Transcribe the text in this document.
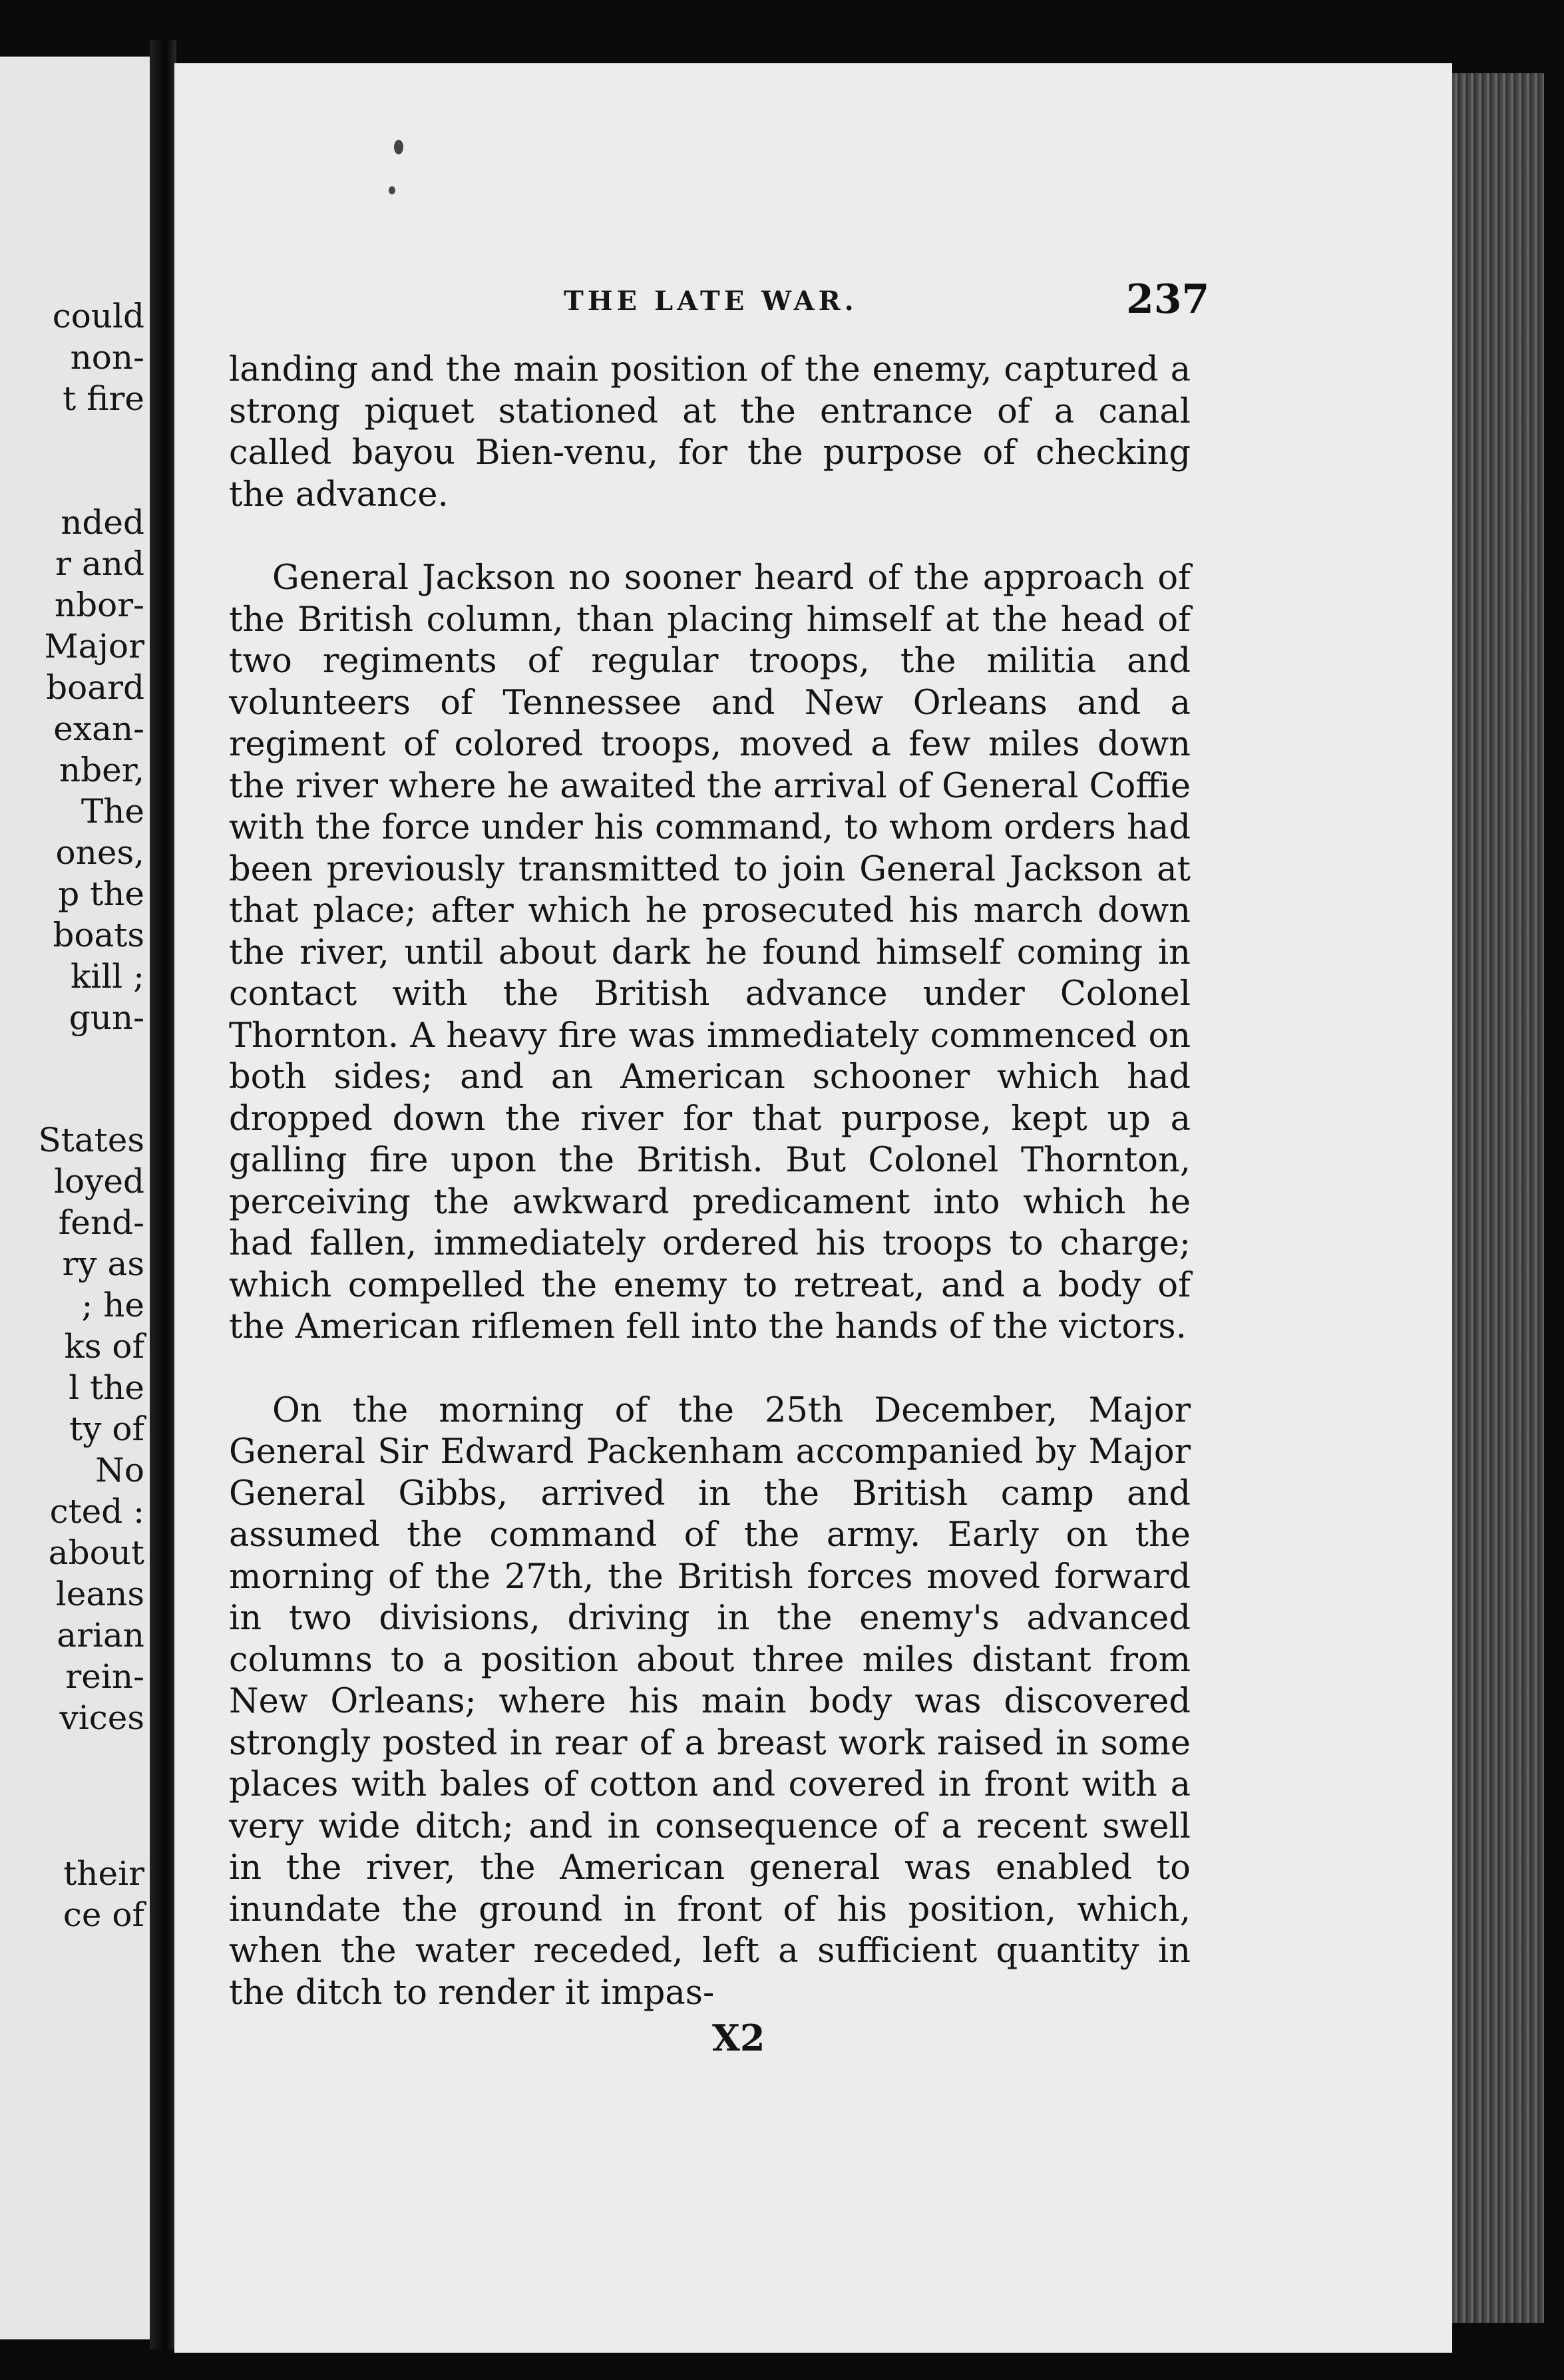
could
non-
t fire
nded
r and
nbor-
Major
board
exan-
nber,
The
ones,
p the
boats
kill ;
gun-
States
loyed
fend-
ry as
; he
ks of
l the
ty of
No
cted :
about
leans
arian
rein-
vices
their
ce of
THE LATE WAR.	237

landing and the main position of the enemy, captured a strong piquet stationed at the entrance of a canal called bayou Bien-venu, for the purpose of checking the advance.

General Jackson no sooner heard of the approach of the British column, than placing himself at the head of two regiments of regular troops, the militia and volunteers of Tennessee and New Orleans and a regiment of colored troops, moved a few miles down the river where he awaited the arrival of General Coffie with the force under his command, to whom orders had been previously transmitted to join General Jackson at that place; after which he prosecuted his march down the river, until about dark he found himself coming in contact with the British advance under Colonel Thornton. A heavy fire was immediately commenced on both sides; and an American schooner which had dropped down the river for that purpose, kept up a galling fire upon the British. But Colonel Thornton, perceiving the awkward predicament into which he had fallen, immediately ordered his troops to charge; which compelled the enemy to retreat, and a body of the American riflemen fell into the hands of the victors.

On the morning of the 25th December, Major General Sir Edward Packenham accompanied by Major General Gibbs, arrived in the British camp and assumed the command of the army. Early on the morning of the 27th, the British forces moved forward in two divisions, driving in the enemy's advanced columns to a position about three miles distant from New Orleans; where his main body was discovered strongly posted in rear of a breast work raised in some places with bales of cotton and covered in front with a very wide ditch; and in consequence of a recent swell in the river, the American general was enabled to inundate the ground in front of his position, which, when the water receded, left a sufficient quantity in the ditch to render it impas-

X2
